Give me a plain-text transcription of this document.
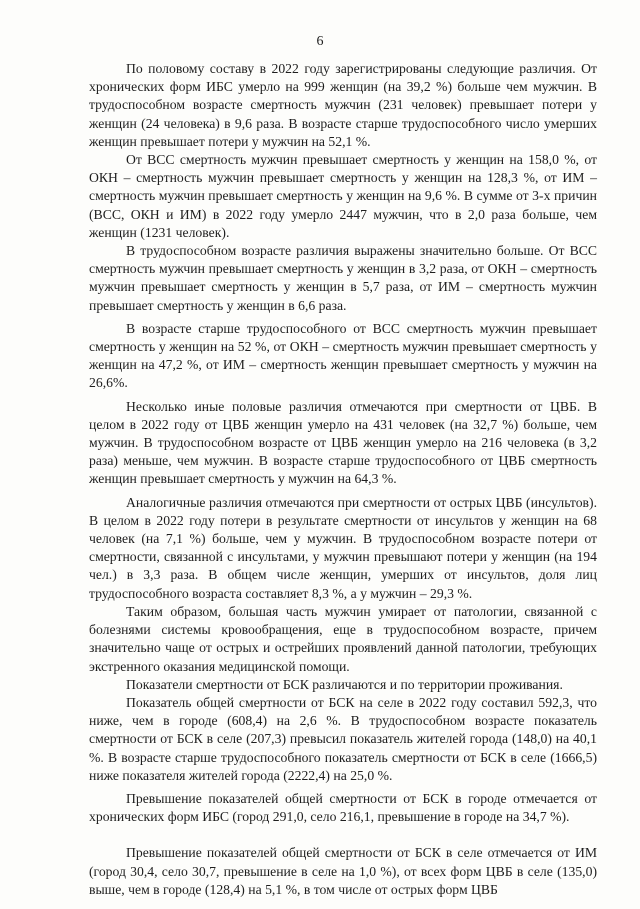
6

По половому составу в 2022 году зарегистрированы следующие различия. От хронических форм ИБС умерло на 999 женщин (на 39,2 %) больше чем мужчин. В трудоспособном возрасте смертность мужчин (231 человек) превышает потери у женщин (24 человека) в 9,6 раза. В возрасте старше трудоспособного число умерших женщин превышает потери у мужчин на 52,1 %.

От ВСС смертность мужчин превышает смертность у женщин на 158,0 %, от ОКН – смертность мужчин превышает смертность у женщин на 128,3 %, от ИМ – смертность мужчин превышает смертность у женщин на 9,6 %. В сумме от 3-х причин (ВСС, ОКН и ИМ) в 2022 году умерло 2447 мужчин, что в 2,0 раза больше, чем женщин (1231 человек).

В трудоспособном возрасте различия выражены значительно больше. От ВСС смертность мужчин превышает смертность у женщин в 3,2 раза, от ОКН – смертность мужчин превышает смертность у женщин в 5,7 раза, от ИМ – смертность мужчин превышает смертность у женщин в 6,6 раза.

В возрасте старше трудоспособного от ВСС смертность мужчин превышает смертность у женщин на 52 %, от ОКН – смертность мужчин превышает смертность у женщин на 47,2 %, от ИМ – смертность женщин превышает смертность у мужчин на 26,6%.

Несколько иные половые различия отмечаются при смертности от ЦВБ. В целом в 2022 году от ЦВБ женщин умерло на 431 человек (на 32,7 %) больше, чем мужчин. В трудоспособном возрасте от ЦВБ женщин умерло на 216 человека (в 3,2 раза) меньше, чем мужчин. В возрасте старше трудоспособного от ЦВБ смертность женщин превышает смертность у мужчин на 64,3 %.

Аналогичные различия отмечаются при смертности от острых ЦВБ (инсультов). В целом в 2022 году потери в результате смертности от инсультов у женщин на 68 человек (на 7,1 %) больше, чем у мужчин. В трудоспособном возрасте потери от смертности, связанной с инсультами, у мужчин превышают потери у женщин (на 194 чел.) в 3,3 раза. В общем числе женщин, умерших от инсультов, доля лиц трудоспособного возраста составляет 8,3 %, а у мужчин – 29,3 %.

Таким образом, большая часть мужчин умирает от патологии, связанной с болезнями системы кровообращения, еще в трудоспособном возрасте, причем значительно чаще от острых и острейших проявлений данной патологии, требующих экстренного оказания медицинской помощи.

Показатели смертности от БСК различаются и по территории проживания.

Показатель общей смертности от БСК на селе в 2022 году составил 592,3, что ниже, чем в городе (608,4) на 2,6 %. В трудоспособном возрасте показатель смертности от БСК в селе (207,3) превысил показатель жителей города (148,0) на 40,1 %. В возрасте старше трудоспособного показатель смертности от БСК в селе (1666,5) ниже показателя жителей города (2222,4) на 25,0 %.

Превышение показателей общей смертности от БСК в городе отмечается от хронических форм ИБС (город 291,0, село 216,1, превышение в городе на 34,7 %).

Превышение показателей общей смертности от БСК в селе отмечается от ИМ (город 30,4, село 30,7, превышение в селе на 1,0 %), от всех форм ЦВБ в селе (135,0) выше, чем в городе (128,4) на 5,1 %, в том числе от острых форм ЦВБ
